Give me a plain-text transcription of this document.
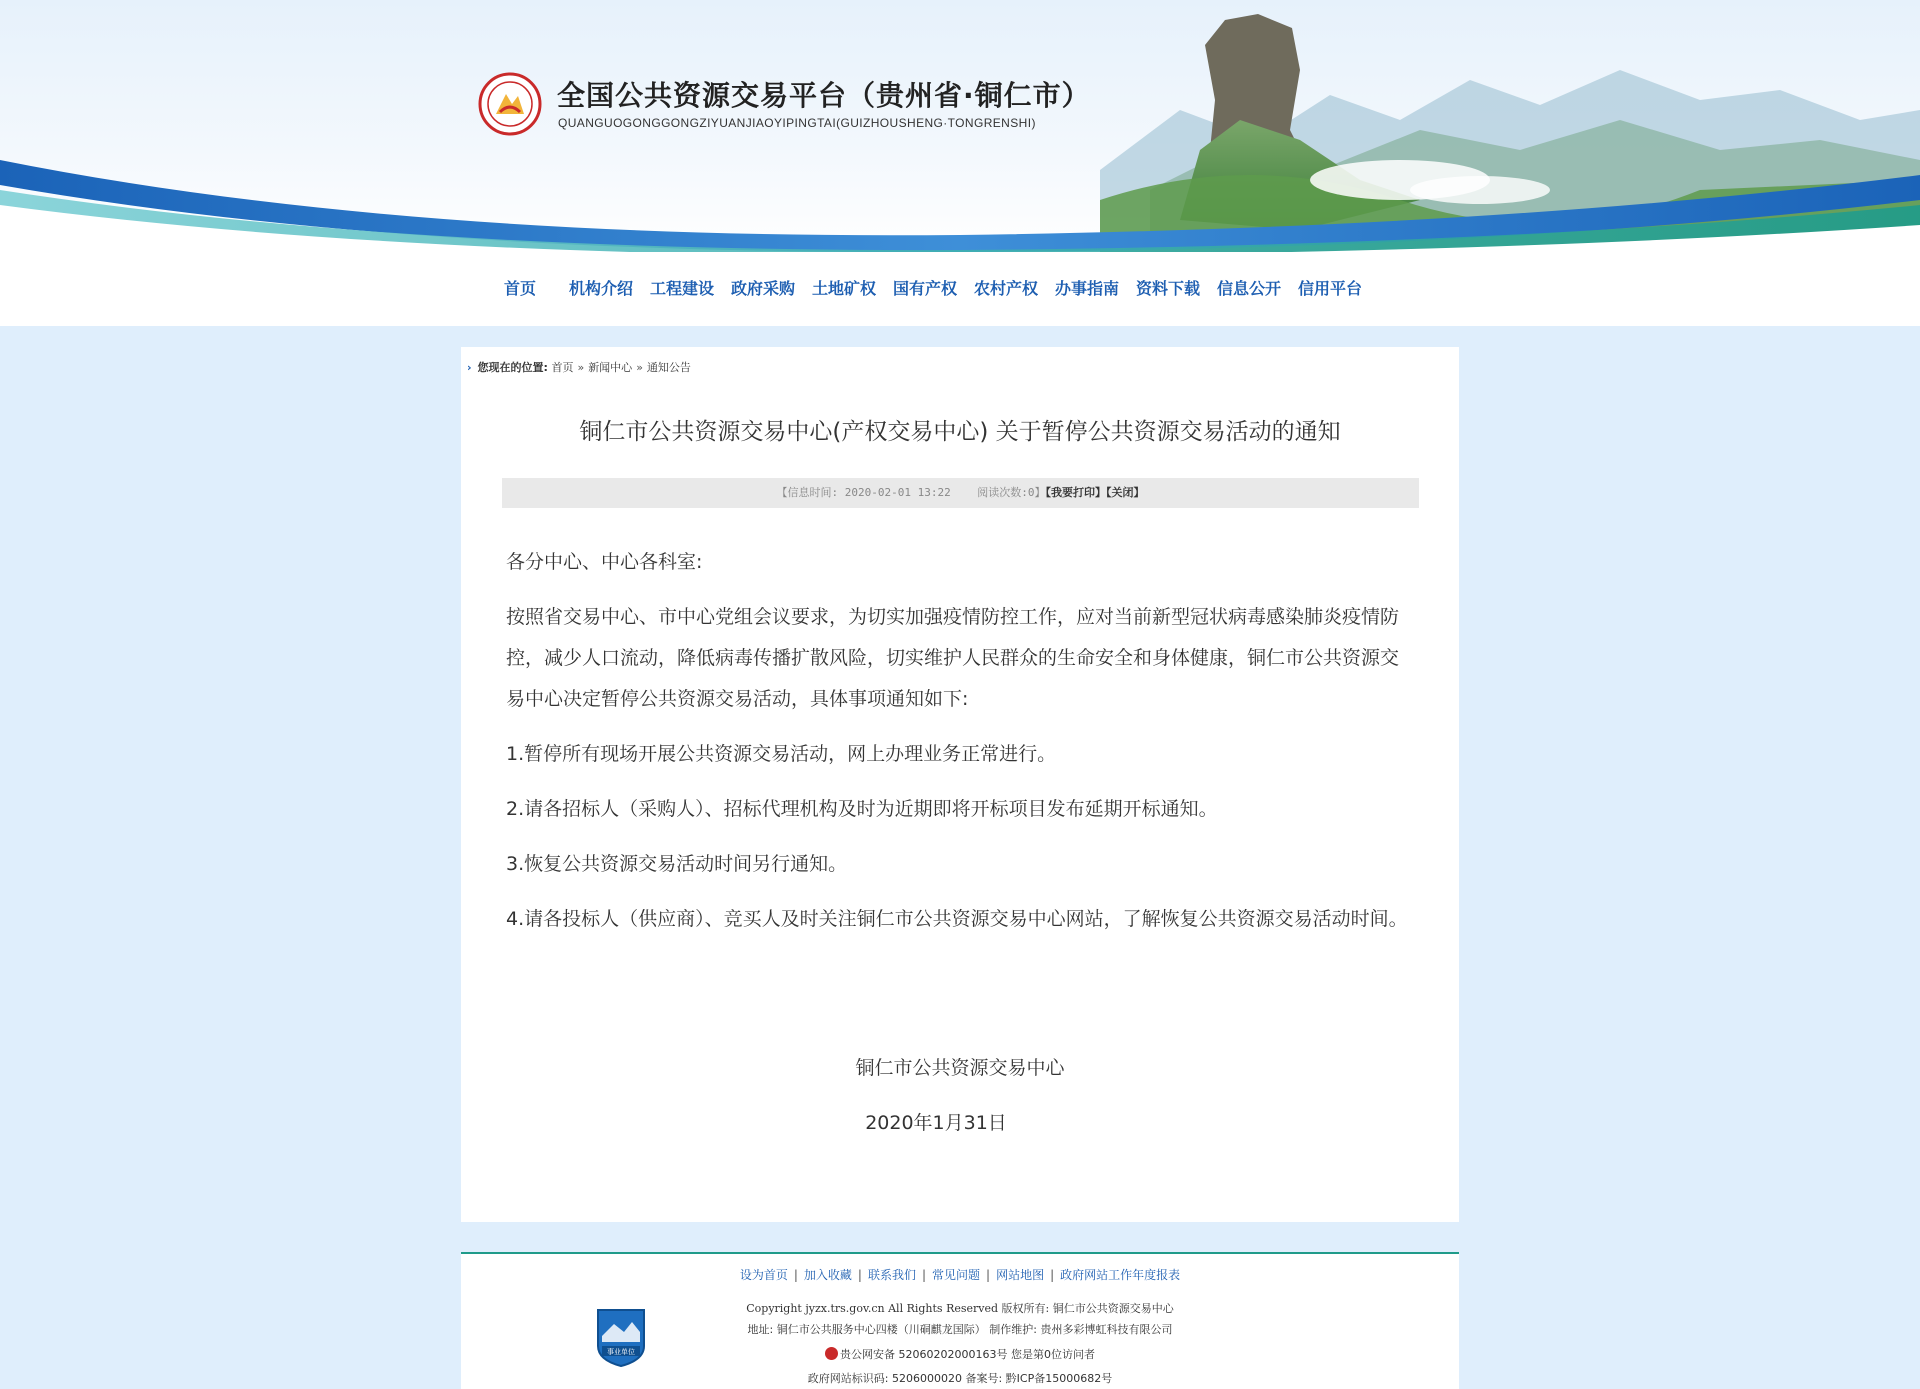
全国公共资源交易平台（贵州省·铜仁市）
QUANGUOGONGGONGZIYUANJIAOYIPINGTAI(GUIZHOUSHENG·TONGRENSHI)
首页 机构介绍 工程建设 政府采购 土地矿权 国有产权 农村产权 办事指南 资料下载 信息公开 信用平台
› 您现在的位置: 首页 » 新闻中心 » 通知公告
铜仁市公共资源交易中心(产权交易中心) 关于暂停公共资源交易活动的通知
【信息时间: 2020-02-01 13:22 阅读次数:0】【我要打印】【关闭】

各分中心、中心各科室:

按照省交易中心、市中心党组会议要求，为切实加强疫情防控工作，应对当前新型冠状病毒感染肺炎疫情防控，减少人口流动，降低病毒传播扩散风险，切实维护人民群众的生命安全和身体健康，铜仁市公共资源交易中心决定暂停公共资源交易活动，具体事项通知如下:

1.暂停所有现场开展公共资源交易活动，网上办理业务正常进行。

2.请各招标人（采购人）、招标代理机构及时为近期即将开标项目发布延期开标通知。

3.恢复公共资源交易活动时间另行通知。

4.请各投标人（供应商）、竞买人及时关注铜仁市公共资源交易中心网站，了解恢复公共资源交易活动时间。

铜仁市公共资源交易中心
2020年1月31日
设为首页 | 加入收藏 | 联系我们 | 常见问题 | 网站地图 | 政府网站工作年度报表
事业单位
Copyright jyzx.trs.gov.cn All Rights Reserved 版权所有: 铜仁市公共资源交易中心
地址: 铜仁市公共服务中心四楼（川硐麒龙国际） 制作维护: 贵州多彩博虹科技有限公司
贵公网安备 52060202000163号 您是第0位访问者
政府网站标识码: 5206000020 备案号: 黔ICP备15000682号
